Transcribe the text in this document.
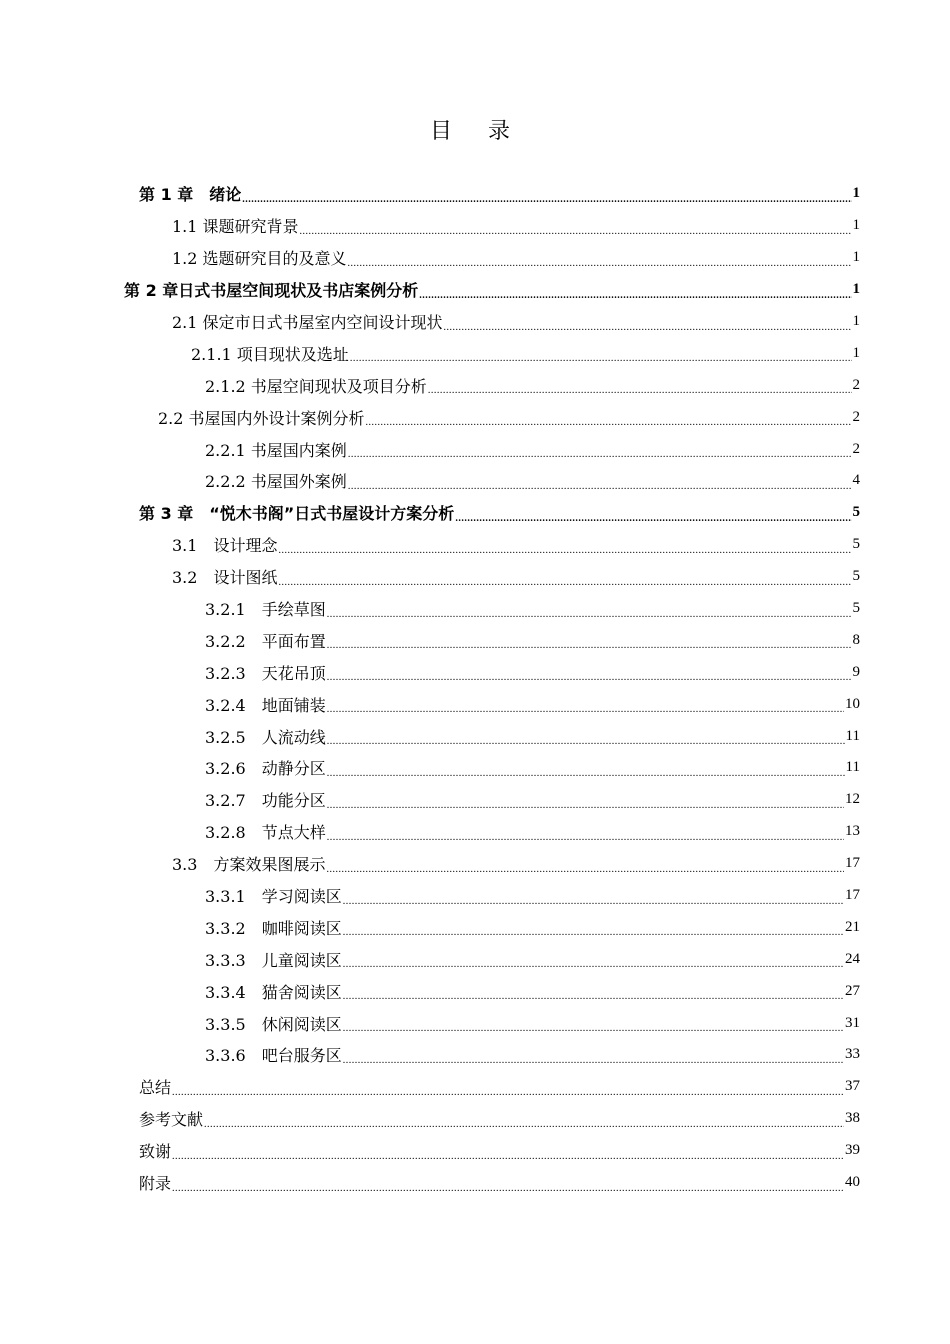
目录
第 1 章　绪论 .....	1
1.1 课题研究背景 .....	1
1.2 选题研究目的及意义 .....	1
第 2 章日式书屋空间现状及书店案例分析 .....	1
2.1 保定市日式书屋室内空间设计现状 .....	1
2.1.1 项目现状及选址 .....	1
2.1.2 书屋空间现状及项目分析 .....	2
2.2 书屋国内外设计案例分析 .....	2
2.2.1 书屋国内案例 .....	2
2.2.2 书屋国外案例 .....	4
第 3 章　“悦木书阁”日式书屋设计方案分析 .....	5
3.1　设计理念 .....	5
3.2　设计图纸 .....	5
3.2.1　手绘草图 .....	5
3.2.2　平面布置 .....	8
3.2.3　天花吊顶 .....	9
3.2.4　地面铺装 .....	10
3.2.5　人流动线 .....	11
3.2.6　动静分区 .....	11
3.2.7　功能分区 .....	12
3.2.8　节点大样 .....	13
3.3　方案效果图展示 .....	17
3.3.1　学习阅读区 .....	17
3.3.2　咖啡阅读区 .....	21
3.3.3　儿童阅读区 .....	24
3.3.4　猫舍阅读区 .....	27
3.3.5　休闲阅读区 .....	31
3.3.6　吧台服务区 .....	33
总结 .....	37
参考文献 .....	38
致谢 .....	39
附录 .....	40
